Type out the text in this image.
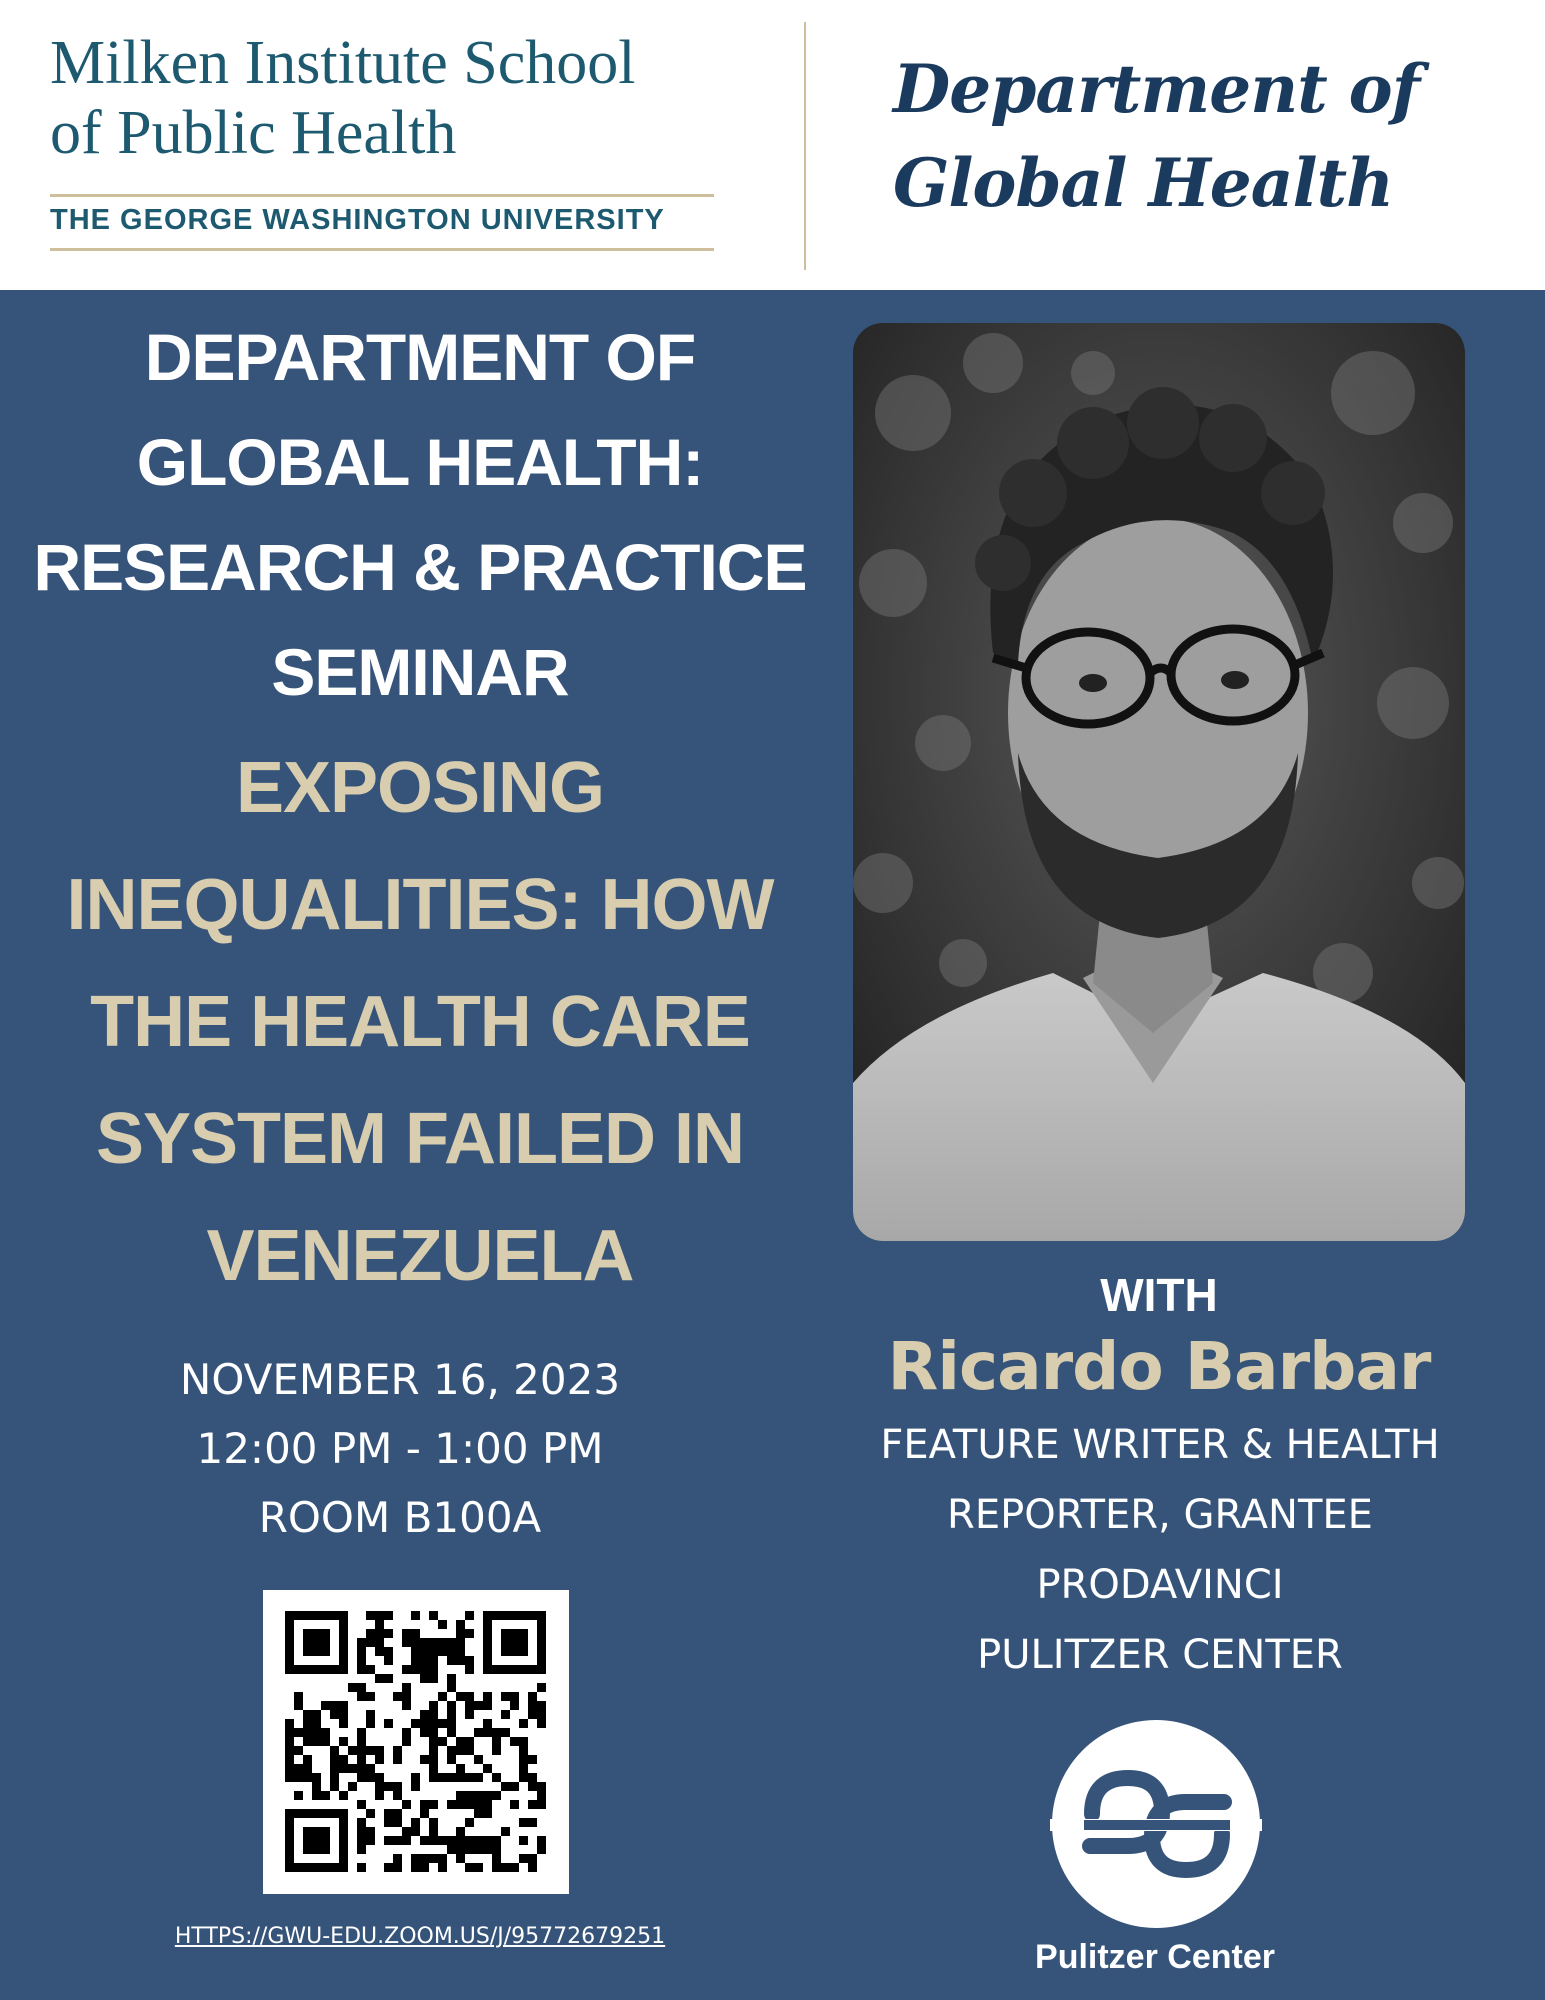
Milken Institute School
of Public Health
THE GEORGE WASHINGTON UNIVERSITY
Department of
Global Health
DEPARTMENT OF
GLOBAL HEALTH:
RESEARCH & PRACTICE
SEMINAR
EXPOSING
INEQUALITIES: HOW
THE HEALTH CARE
SYSTEM FAILED IN
VENEZUELA
NOVEMBER 16, 2023
12:00 PM - 1:00 PM
ROOM B100A
HTTPS://GWU-EDU.ZOOM.US/J/95772679251
WITH
Ricardo Barbar
FEATURE WRITER & HEALTH
REPORTER, GRANTEE
PRODAVINCI
PULITZER CENTER
Pulitzer Center
